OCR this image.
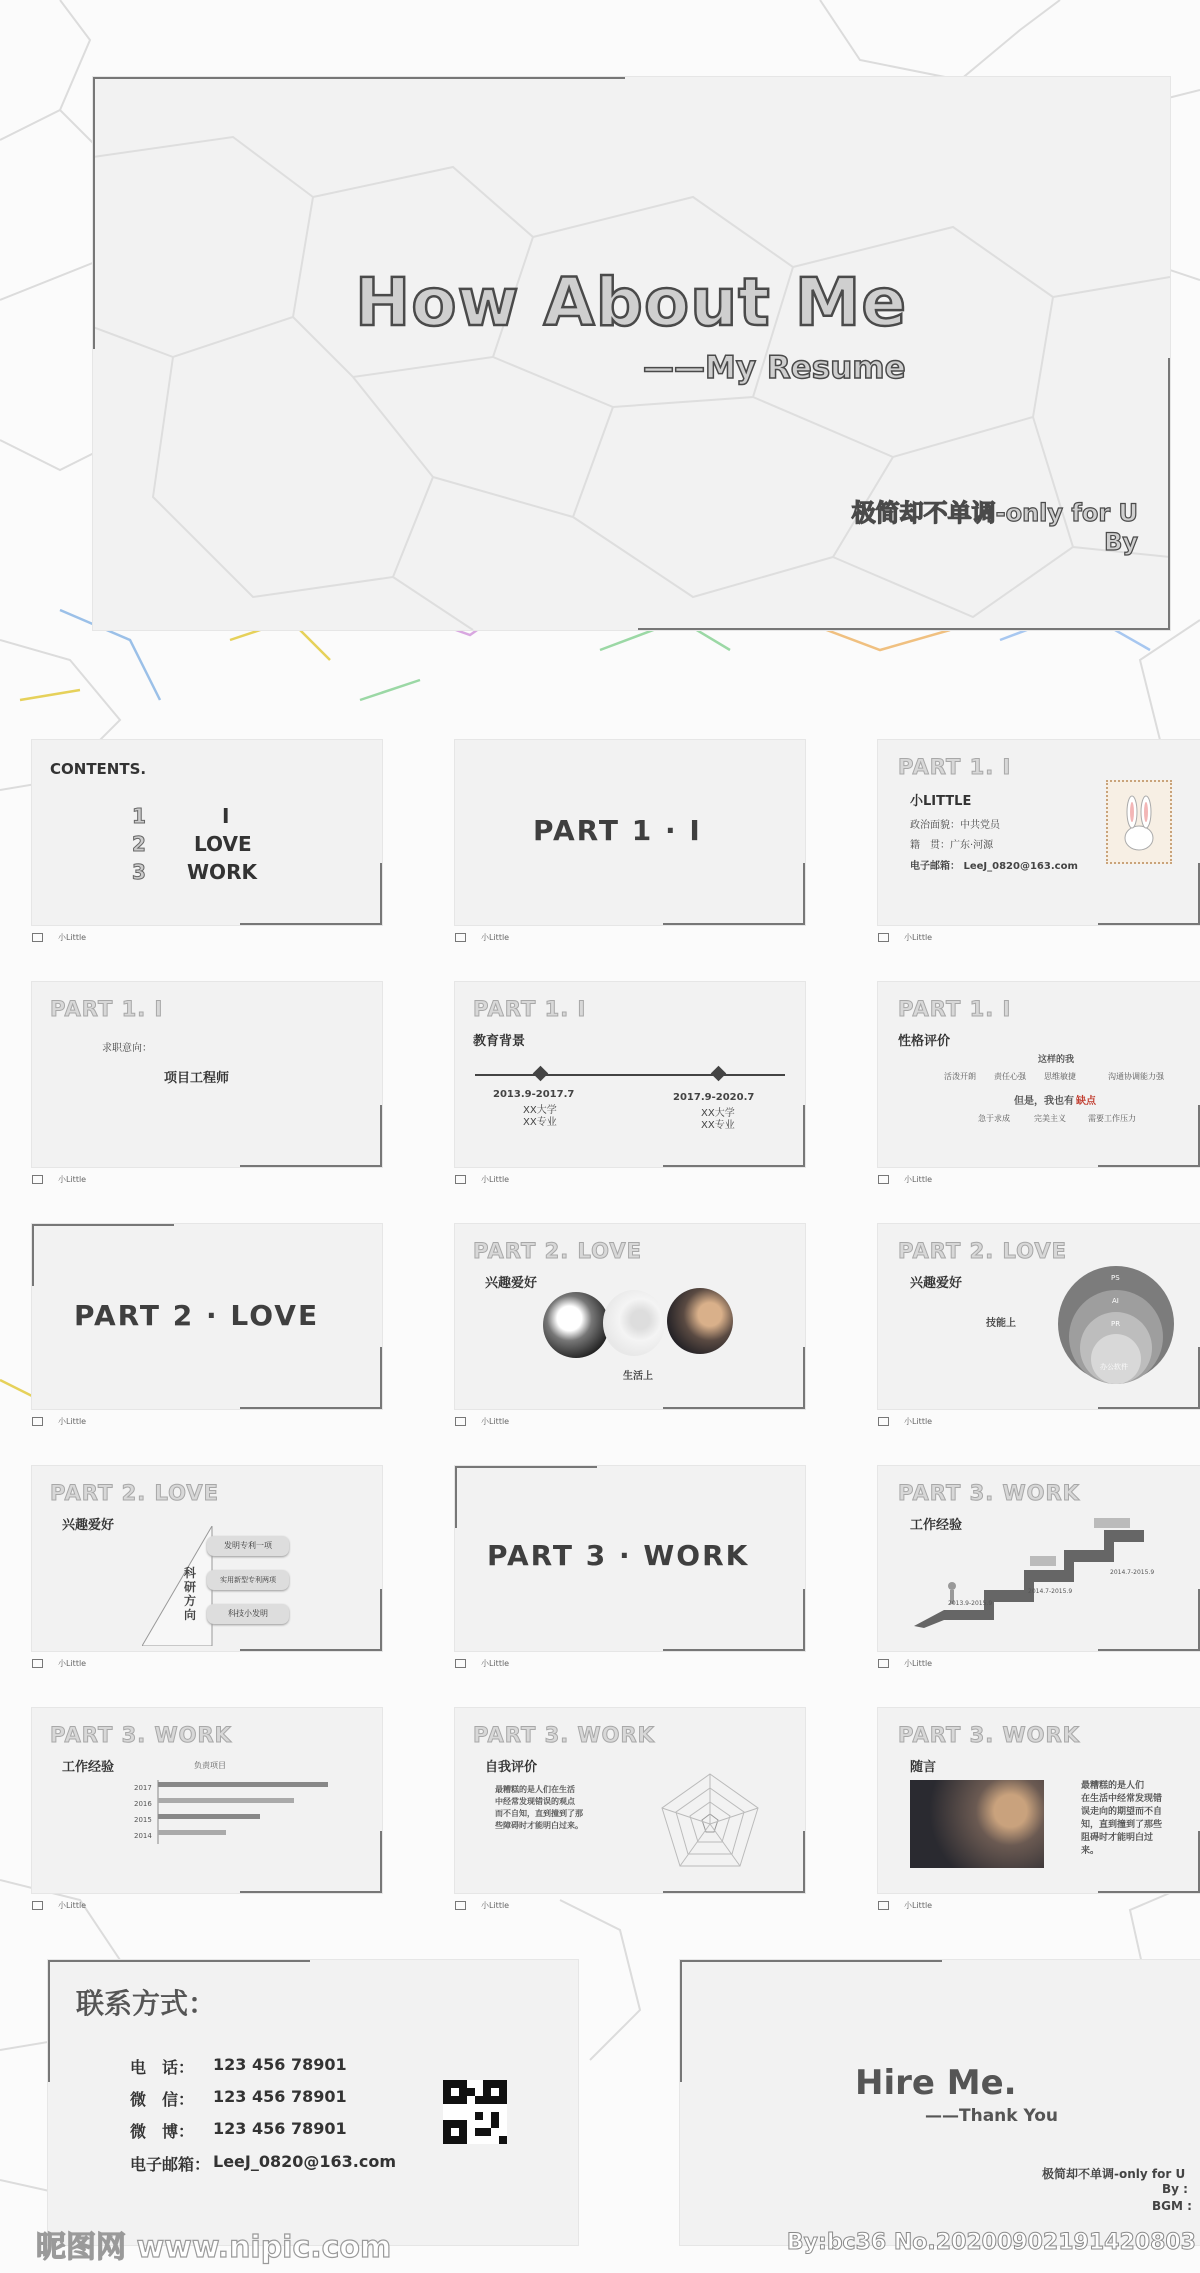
How About Me
——My Resume
极简却不单调-only for U
By
CONTENTS.
1	I
2 LOVE
3 WORK
PART 1 · I
PART 1. I
小LITTLE
政治面貌：中共党员
籍　贯：广东·河源
电子邮箱： LeeJ_0820@163.com
PART 1. I
求职意向：
项目工程师
PART 1. I
教育背景
2013.9-2017.7
XX大学
XX专业
2017.9-2020.7
XX大学
XX专业
PART 1. I
性格评价
这样的我
活泼开朗 责任心强 思维敏捷	沟通协调能力强
但是，我也有 缺点
急于求成	完美主义	需要工作压力
PART 2 · LOVE
PART 2. LOVE
兴趣爱好
生活上
PART 2. LOVE
兴趣爱好
技能上
PS
AI
PR
办公软件
PART 2. LOVE
兴趣爱好
科研方向
发明专利一项
实用新型专利两项
科技小发明
PART 3 · WORK
PART 3. WORK
工作经验
2013.9-2015.9
2014.7-2015.9
2014.7-2015.9
PART 3. WORK
工作经验	负责项目
2017
2016
2015
2014
PART 3. WORK
自我评价
最糟糕的是人们在生活
中经常发现错误的观点
而不自知，直到撞到了那
些障碍时才能明白过来。
PART 3. WORK
随言
最糟糕的是人们
在生活中经常发现错
误走向的期望而不自
知，直到撞到了那些
阻碍时才能明白过
来。
小Little	小Little	小Little
小Little	小Little	小Little
小Little	小Little	小Little
小Little	小Little	小Little
小Little	小Little	小Little
联系方式：
电　话： 123 456 78901
微　信： 123 456 78901
微　博： 123 456 78901
电子邮箱： LeeJ_0820@163.com
Hire Me.
——Thank You
极简却不单调-only for U
By :
BGM :
昵图网 www.nipic.com	By:bc36 No.20200902191420803
